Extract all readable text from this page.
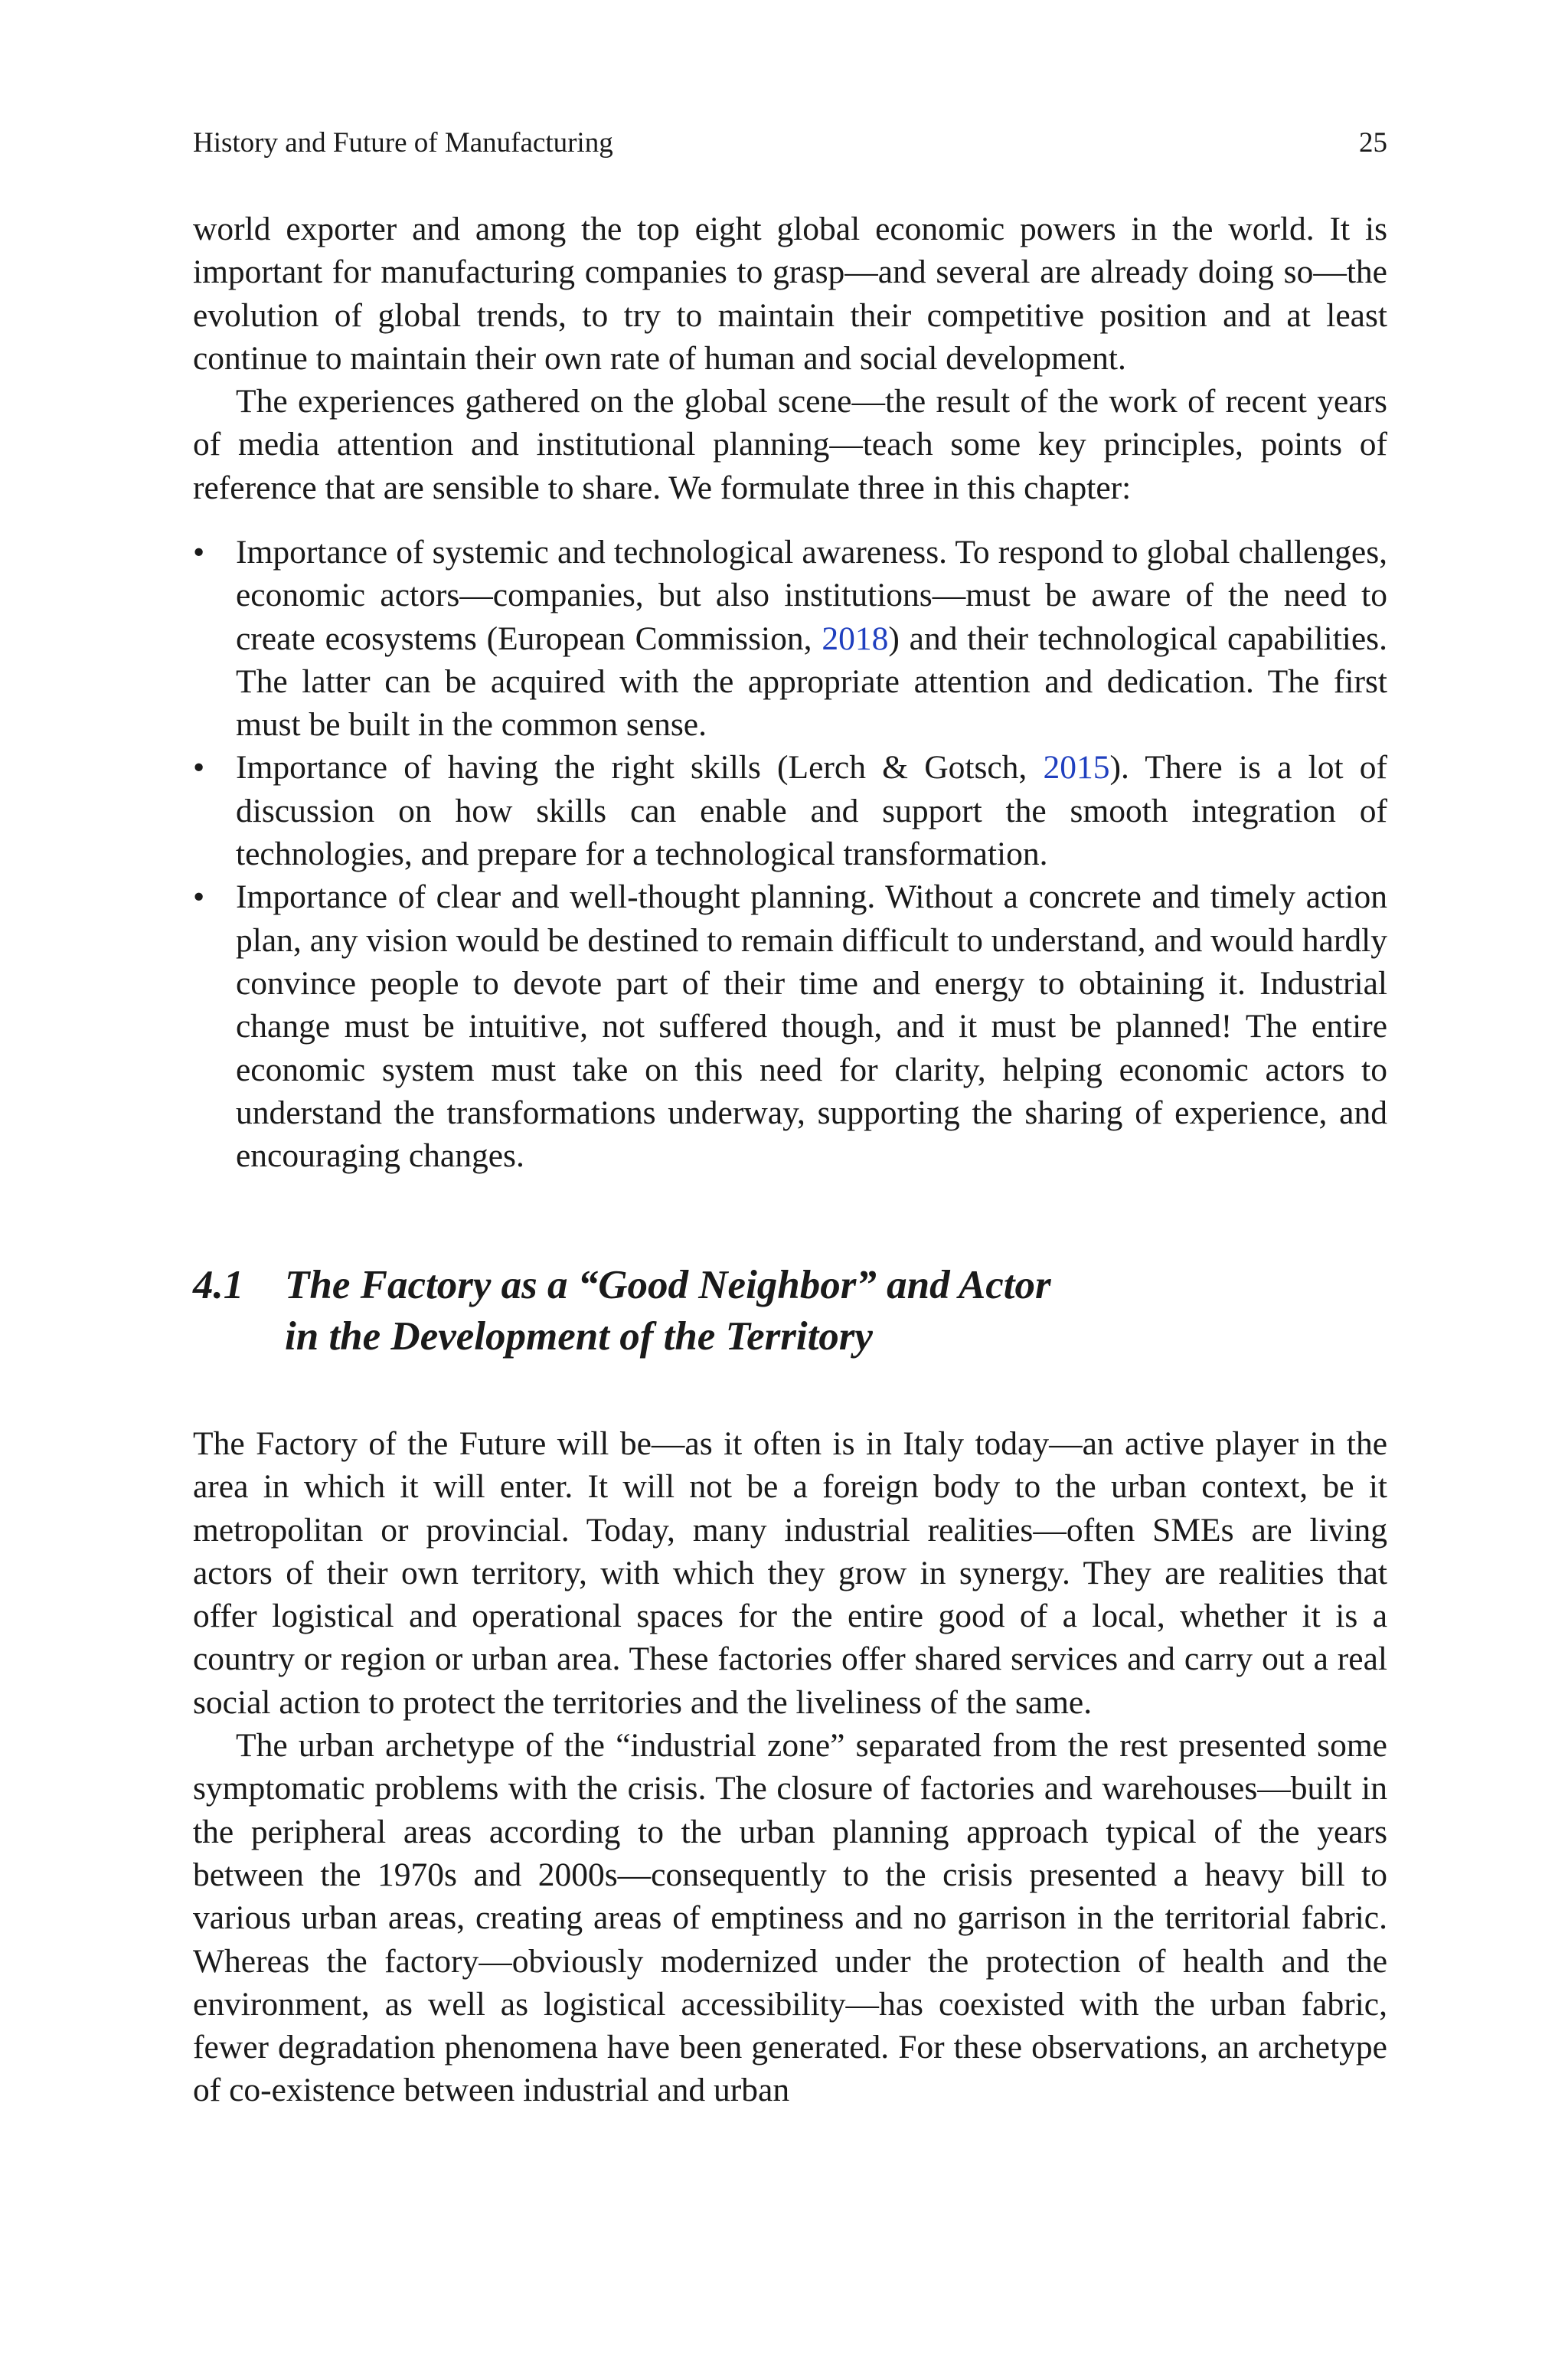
History and Future of Manufacturing	25

world exporter and among the top eight global economic powers in the world. It is important for manufacturing companies to grasp—and several are already doing so—the evolution of global trends, to try to maintain their competitive position and at least continue to maintain their own rate of human and social development.

The experiences gathered on the global scene—the result of the work of recent years of media attention and institutional planning—teach some key principles, points of reference that are sensible to share. We formulate three in this chapter:

• Importance of systemic and technological awareness. To respond to global challenges, economic actors—companies, but also institutions—must be aware of the need to create ecosystems (European Commission, 2018) and their technological capabilities. The latter can be acquired with the appropriate attention and dedication. The first must be built in the common sense.
• Importance of having the right skills (Lerch & Gotsch, 2015). There is a lot of discussion on how skills can enable and support the smooth integration of technologies, and prepare for a technological transformation.
• Importance of clear and well-thought planning. Without a concrete and timely action plan, any vision would be destined to remain difficult to understand, and would hardly convince people to devote part of their time and energy to obtaining it. Industrial change must be intuitive, not suffered though, and it must be planned! The entire economic system must take on this need for clarity, helping economic actors to understand the transformations underway, supporting the sharing of experience, and encouraging changes.
4.1 The Factory as a “Good Neighbor” and Actor
in the Development of the Territory

The Factory of the Future will be—as it often is in Italy today—an active player in the area in which it will enter. It will not be a foreign body to the urban context, be it metropolitan or provincial. Today, many industrial realities—often SMEs are living actors of their own territory, with which they grow in synergy. They are realities that offer logistical and operational spaces for the entire good of a local, whether it is a country or region or urban area. These factories offer shared services and carry out a real social action to protect the territories and the liveliness of the same.

The urban archetype of the “industrial zone” separated from the rest presented some symptomatic problems with the crisis. The closure of factories and warehouses—built in the peripheral areas according to the urban planning approach typical of the years between the 1970s and 2000s—consequently to the crisis presented a heavy bill to various urban areas, creating areas of emptiness and no garrison in the territorial fabric. Whereas the factory—obviously modernized under the protection of health and the environment, as well as logistical accessibility—has coexisted with the urban fabric, fewer degradation phenomena have been generated. For these observations, an archetype of co-existence between industrial and urban
